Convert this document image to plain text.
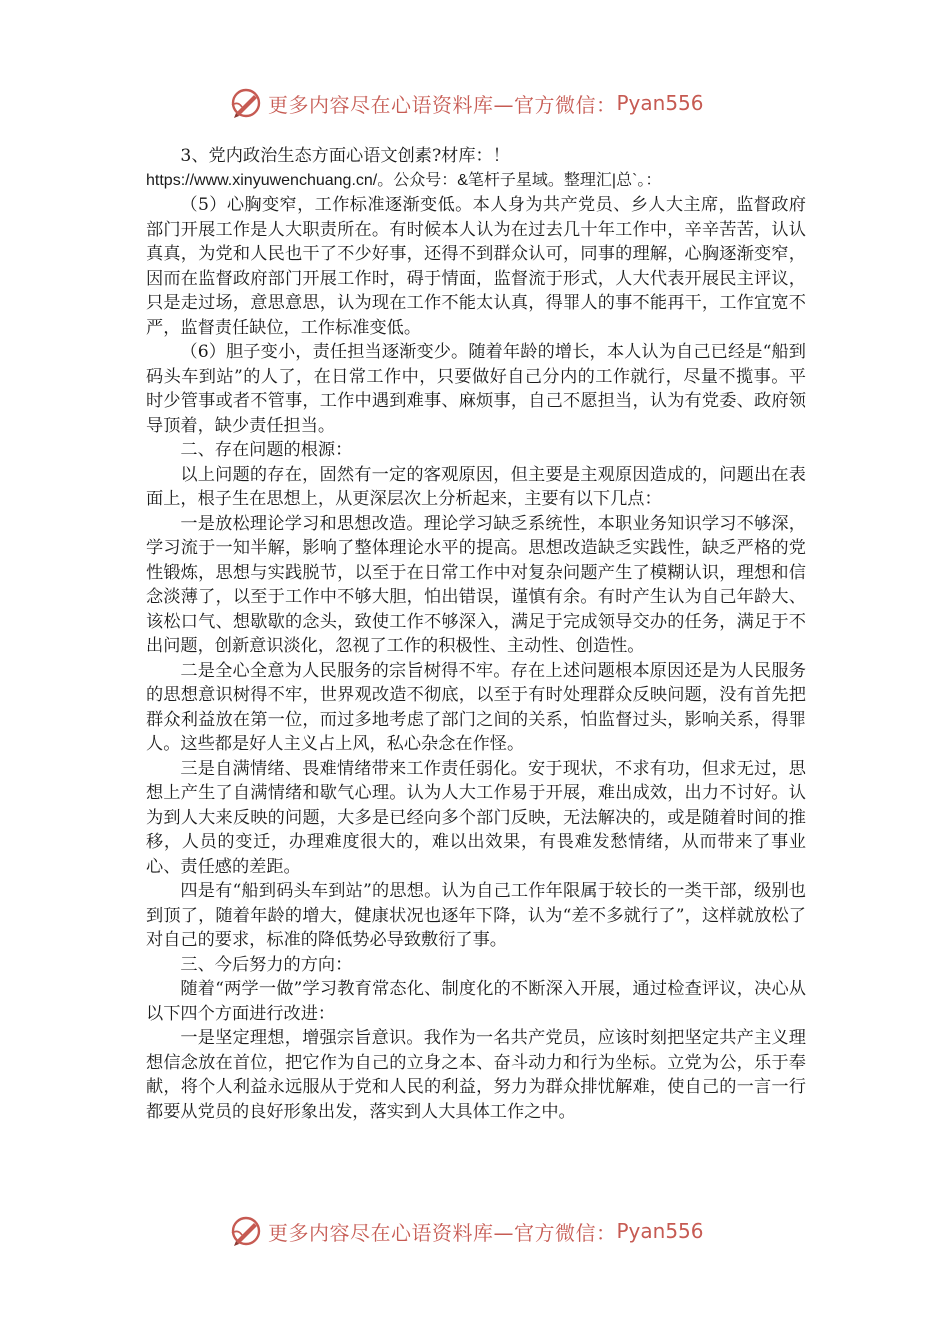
更多内容尽在心语资料库—官方微信： Pyan556

3、党内政治生态方面心语文创素?材库：！

https://www.xinyuwenchuang.cn/。公众号：&笔杆子星域。整理汇|总`。：

（5）心胸变窄，工作标准逐渐变低。本人身为共产党员、乡人大主席，监督政府部门开展工作是人大职责所在。有时候本人认为在过去几十年工作中，辛辛苦苦，认认真真，为党和人民也干了不少好事，还得不到群众认可，同事的理解，心胸逐渐变窄，因而在监督政府部门开展工作时，碍于情面，监督流于形式，人大代表开展民主评议，只是走过场，意思意思，认为现在工作不能太认真，得罪人的事不能再干，工作宜宽不严，监督责任缺位，工作标准变低。

（6）胆子变小，责任担当逐渐变少。随着年龄的增长，本人认为自己已经是“船到码头车到站”的人了，在日常工作中，只要做好自己分内的工作就行，尽量不揽事。平时少管事或者不管事，工作中遇到难事、麻烦事，自己不愿担当，认为有党委、政府领导顶着，缺少责任担当。

二、存在问题的根源：

以上问题的存在，固然有一定的客观原因，但主要是主观原因造成的，问题出在表面上，根子生在思想上，从更深层次上分析起来，主要有以下几点：

一是放松理论学习和思想改造。理论学习缺乏系统性，本职业务知识学习不够深，学习流于一知半解，影响了整体理论水平的提高。思想改造缺乏实践性，缺乏严格的党性锻炼，思想与实践脱节，以至于在日常工作中对复杂问题产生了模糊认识，理想和信念淡薄了，以至于工作中不够大胆，怕出错误，谨慎有余。有时产生认为自己年龄大、该松口气、想歇歇的念头，致使工作不够深入，满足于完成领导交办的任务，满足于不出问题，创新意识淡化，忽视了工作的积极性、主动性、创造性。

二是全心全意为人民服务的宗旨树得不牢。存在上述问题根本原因还是为人民服务的思想意识树得不牢，世界观改造不彻底，以至于有时处理群众反映问题，没有首先把群众利益放在第一位，而过多地考虑了部门之间的关系，怕监督过头，影响关系，得罪人。这些都是好人主义占上风，私心杂念在作怪。

三是自满情绪、畏难情绪带来工作责任弱化。安于现状，不求有功，但求无过，思想上产生了自满情绪和歇气心理。认为人大工作易于开展，难出成效，出力不讨好。认为到人大来反映的问题，大多是已经向多个部门反映，无法解决的，或是随着时间的推移，人员的变迁，办理难度很大的，难以出效果，有畏难发愁情绪，从而带来了事业心、责任感的差距。

四是有“船到码头车到站”的思想。认为自己工作年限属于较长的一类干部，级别也到顶了，随着年龄的增大，健康状况也逐年下降，认为“差不多就行了”，这样就放松了对自己的要求，标准的降低势必导致敷衍了事。

三、今后努力的方向：

随着“两学一做”学习教育常态化、制度化的不断深入开展，通过检查评议，决心从以下四个方面进行改进：

一是坚定理想，增强宗旨意识。我作为一名共产党员，应该时刻把坚定共产主义理想信念放在首位，把它作为自己的立身之本、奋斗动力和行为坐标。立党为公，乐于奉献，将个人利益永远服从于党和人民的利益，努力为群众排忧解难，使自己的一言一行都要从党员的良好形象出发，落实到人大具体工作之中。

更多内容尽在心语资料库—官方微信： Pyan556
